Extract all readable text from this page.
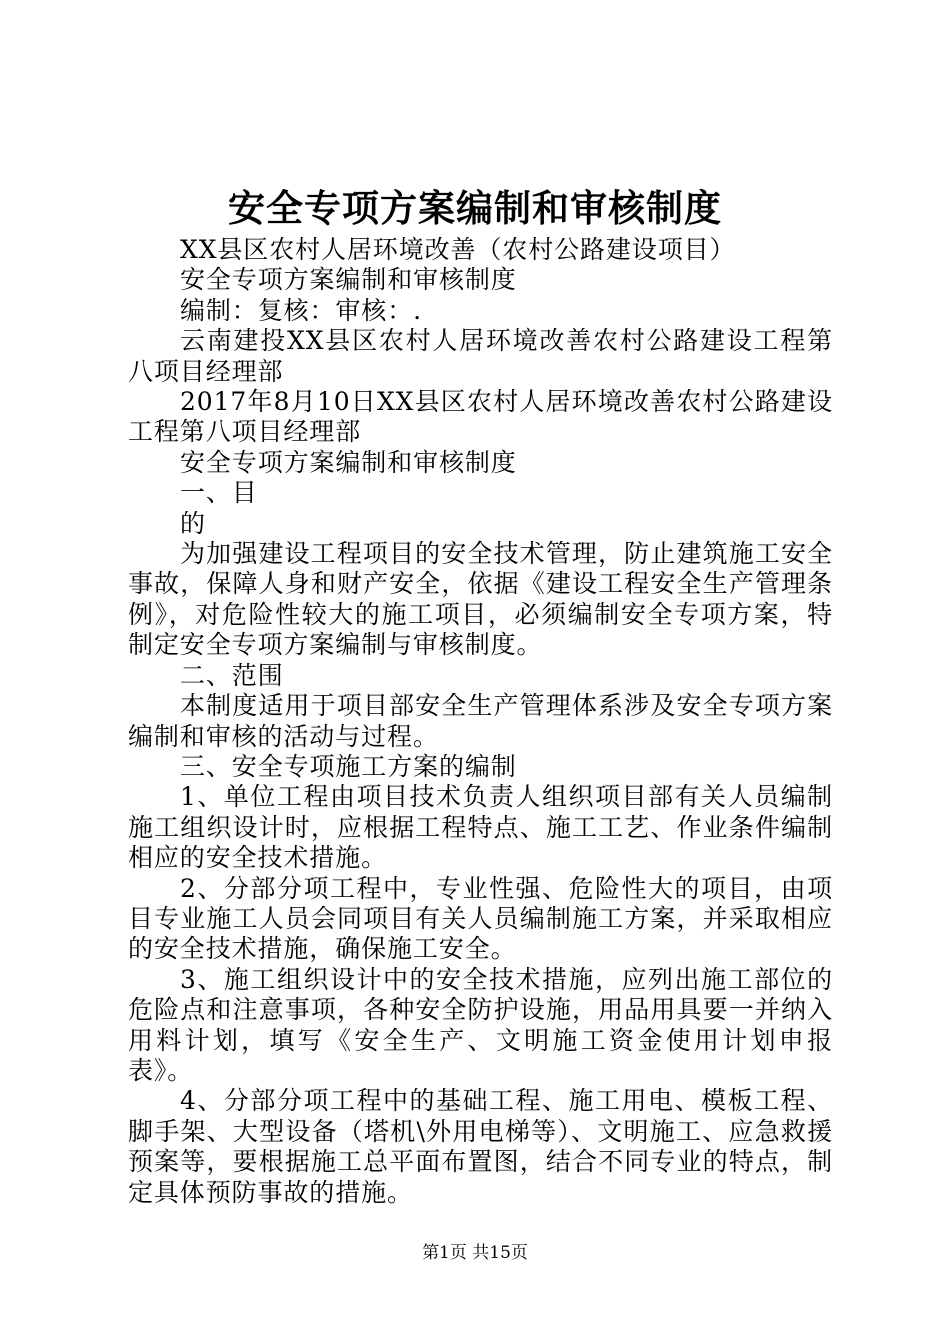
安全专项方案编制和审核制度

XX县区农村人居环境改善（农村公路建设项目）

安全专项方案编制和审核制度

编制：复核：审核：.

云南建投XX县区农村人居环境改善农村公路建设工程第八项目经理部

2017年8月10日XX县区农村人居环境改善农村公路建设工程第八项目经理部

安全专项方案编制和审核制度

一、目

的

为加强建设工程项目的安全技术管理，防止建筑施工安全事故，保障人身和财产安全，依据《建设工程安全生产管理条例》，对危险性较大的施工项目，必须编制安全专项方案，特制定安全专项方案编制与审核制度。

二、范围

本制度适用于项目部安全生产管理体系涉及安全专项方案编制和审核的活动与过程。

三、安全专项施工方案的编制

1、单位工程由项目技术负责人组织项目部有关人员编制施工组织设计时，应根据工程特点、施工工艺、作业条件编制相应的安全技术措施。

2、分部分项工程中，专业性强、危险性大的项目，由项目专业施工人员会同项目有关人员编制施工方案，并采取相应的安全技术措施，确保施工安全。

3、施工组织设计中的安全技术措施，应列出施工部位的危险点和注意事项，各种安全防护设施，用品用具要一并纳入用料计划，填写《安全生产、文明施工资金使用计划申报表》。

4、分部分项工程中的基础工程、施工用电、模板工程、脚手架、大型设备（塔机\外用电梯等）、文明施工、应急救援预案等，要根据施工总平面布置图，结合不同专业的特点，制定具体预防事故的措施。

第1页 共15页
